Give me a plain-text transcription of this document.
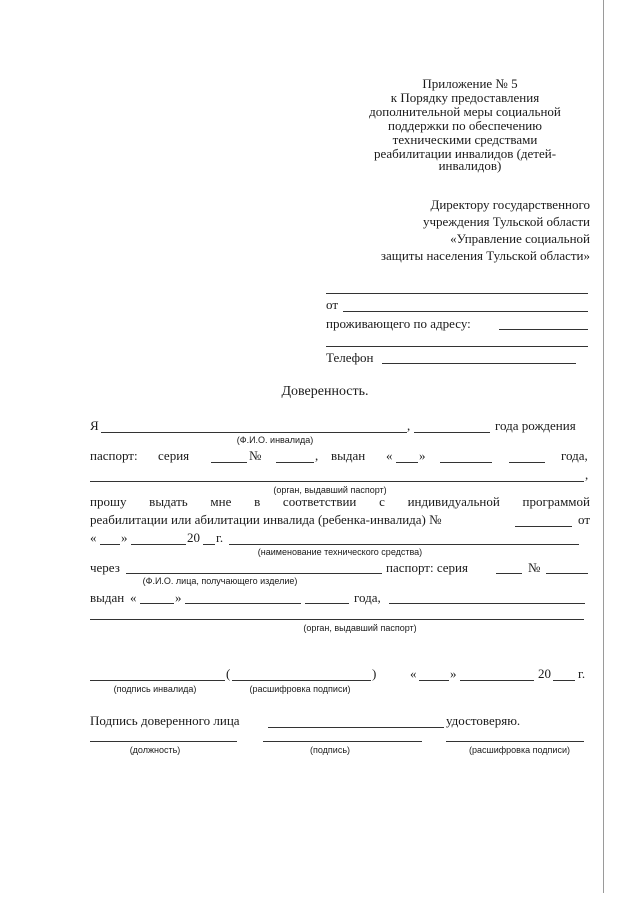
Приложение № 5
к Порядку предоставления
дополнительной меры социальной
поддержки по обеспечению
техническими средствами
реабилитации инвалидов (детей-
инвалидов)
Директору государственного
учреждения Тульской области
«Управление социальной
защиты населения Тульской области»
от
проживающего по адресу:
Телефон
Доверенность.
Я	,	года рождения
(Ф.И.О. инвалида)
паспорт: серия	№	, выдан « »	года,
,
(орган, выдавший паспорт)
прошу выдать мне в соответствии с индивидуальной программой
реабилитации или абилитации инвалида (ребенка-инвалида) №	от
« »	20 г.
(наименование технического средства)
через	паспорт: серия	№
(Ф.И.О. лица, получающего изделие)
выдан «	»	года,
(орган, выдавший паспорт)
(	)	«	»	20 г.
(подпись инвалида)	(расшифровка подписи)
Подпись доверенного лица	удостоверяю.
(должность)	(подпись)	(расшифровка подписи)
